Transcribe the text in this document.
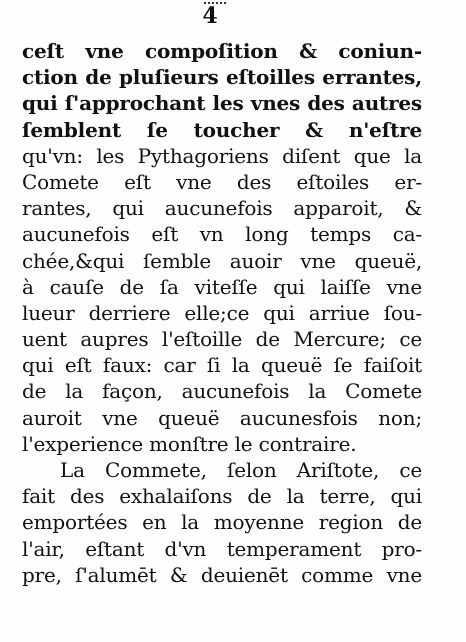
4
ceſt vne compoſition & coniun-
ction de pluſieurs eſtoilles errantes,
qui ſ'approchant les vnes des autres
ſemblent ſe toucher & n'eſtre
qu'vn: les Pythagoriens diſent que la
Comete eſt vne des eſtoiles er-
rantes, qui aucunefois apparoit, &
aucunefois eſt vn long temps ca-
chée,&qui ſemble auoir vne queuë,
à cauſe de ſa viteſſe qui laiſſe vne
lueur derriere elle;ce qui arriue ſou-
uent aupres l'eſtoille de Mercure; ce
qui eſt faux: car ſi la queuë ſe faiſoit
de la façon, aucunefois la Comete
auroit vne queuë aucunesfois non;
l'experience monſtre le contraire.
La Commete, ſelon Ariſtote, ce
fait des exhalaiſons de la terre, qui
emportées en la moyenne region de
l'air, eſtant d'vn temperament pro-
pre, ſ'alumēt & deuienēt comme vne
